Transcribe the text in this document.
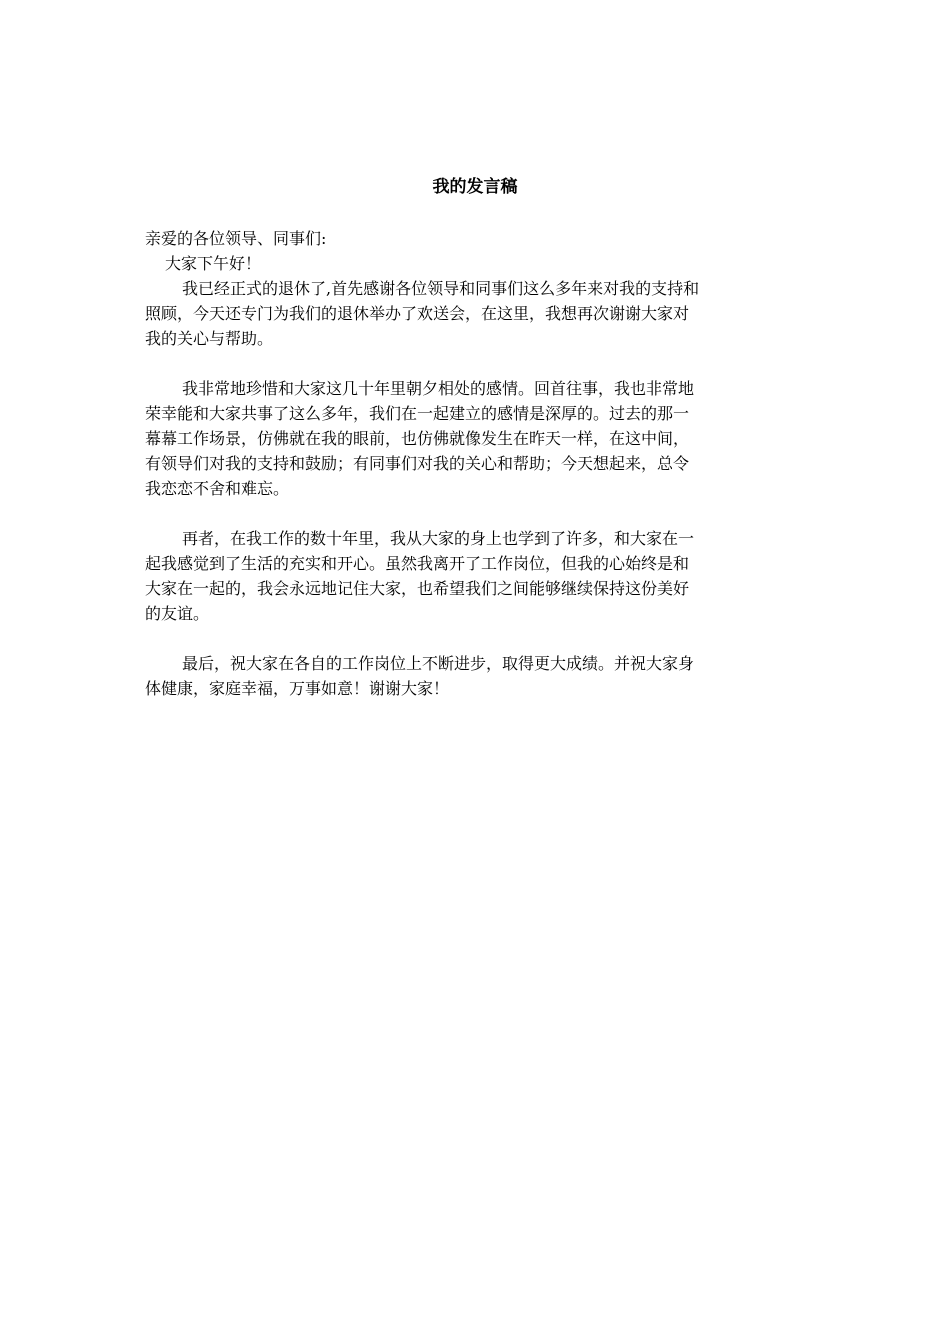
我的发言稿
亲爱的各位领导、同事们:
大家下午好！
我已经正式的退休了,首先感谢各位领导和同事们这么多年来对我的支持和
照顾，今天还专门为我们的退休举办了欢送会，在这里，我想再次谢谢大家对
我的关心与帮助。
我非常地珍惜和大家这几十年里朝夕相处的感情。回首往事，我也非常地
荣幸能和大家共事了这么多年，我们在一起建立的感情是深厚的。过去的那一
幕幕工作场景，仿佛就在我的眼前，也仿佛就像发生在昨天一样，在这中间，
有领导们对我的支持和鼓励；有同事们对我的关心和帮助；今天想起来，总令
我恋恋不舍和难忘。
再者，在我工作的数十年里，我从大家的身上也学到了许多，和大家在一
起我感觉到了生活的充实和开心。虽然我离开了工作岗位，但我的心始终是和
大家在一起的，我会永远地记住大家，也希望我们之间能够继续保持这份美好
的友谊。
最后，祝大家在各自的工作岗位上不断进步，取得更大成绩。并祝大家身
体健康，家庭幸福，万事如意！谢谢大家！
